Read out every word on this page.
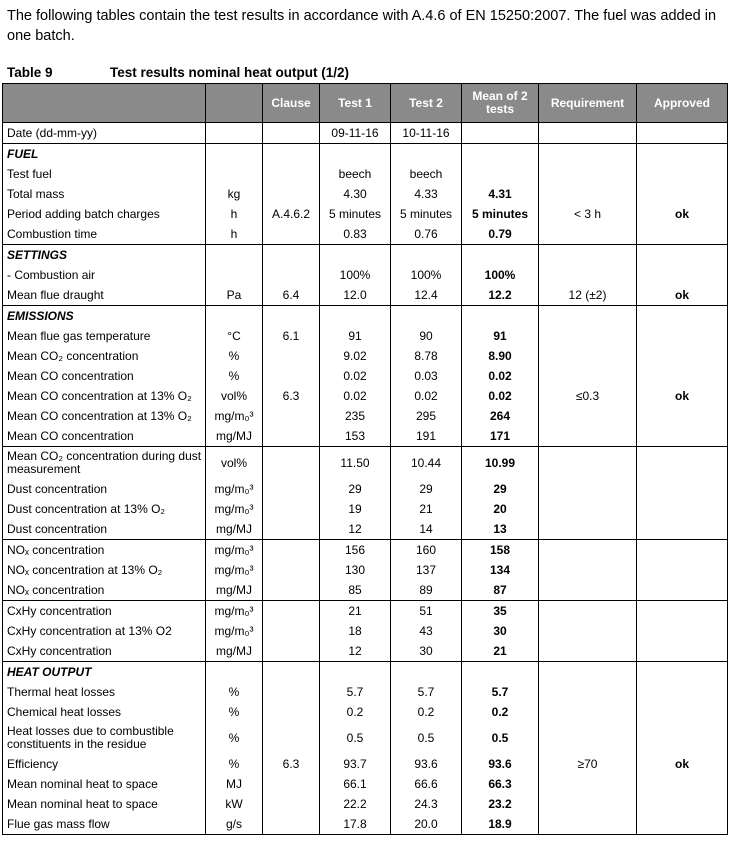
The following tables contain the test results in accordance with A.4.6 of EN 15250:2007. The fuel was added in one batch.
Table 9	Test results nominal heat output (1/2)
		Clause	Test 1	Test 2	Mean of 2 tests	Requirement	Approved
Date (dd-mm-yy)			09-11-16	10-11-16			
FUEL							
Test fuel			beech	beech			
Total mass	kg		4.30	4.33	4.31		
Period adding batch charges	h	A.4.6.2	5 minutes	5 minutes	5 minutes	< 3 h	ok
Combustion time	h		0.83	0.76	0.79		
SETTINGS							
- Combustion air			100%	100%	100%		
Mean flue draught	Pa	6.4	12.0	12.4	12.2	12 (±2)	ok
EMISSIONS							
Mean flue gas temperature	°C	6.1	91	90	91		
Mean CO₂ concentration	%		9.02	8.78	8.90		
Mean CO concentration	%		0.02	0.03	0.02		
Mean CO concentration at 13% O₂	vol%	6.3	0.02	0.02	0.02	≤0.3	ok
Mean CO concentration at 13% O₂	mg/m₀³		235	295	264		
Mean CO concentration	mg/MJ		153	191	171		
Mean CO₂ concentration during dust measurement	vol%		11.50	10.44	10.99		
Dust concentration	mg/m₀³		29	29	29		
Dust concentration at 13% O₂	mg/m₀³		19	21	20		
Dust concentration	mg/MJ		12	14	13		
NOₓ concentration	mg/m₀³		156	160	158		
NOₓ concentration at 13% O₂	mg/m₀³		130	137	134		
NOₓ concentration	mg/MJ		85	89	87		
CxHy concentration	mg/m₀³		21	51	35		
CxHy concentration at 13% O2	mg/m₀³		18	43	30		
CxHy concentration	mg/MJ		12	30	21		
HEAT OUTPUT							
Thermal heat losses	%		5.7	5.7	5.7		
Chemical heat losses	%		0.2	0.2	0.2		
Heat losses due to combustible constituents in the residue	%		0.5	0.5	0.5		
Efficiency	%	6.3	93.7	93.6	93.6	≥70	ok
Mean nominal heat to space	MJ		66.1	66.6	66.3		
Mean nominal heat to space	kW		22.2	24.3	23.2		
Flue gas mass flow	g/s		17.8	20.0	18.9		
